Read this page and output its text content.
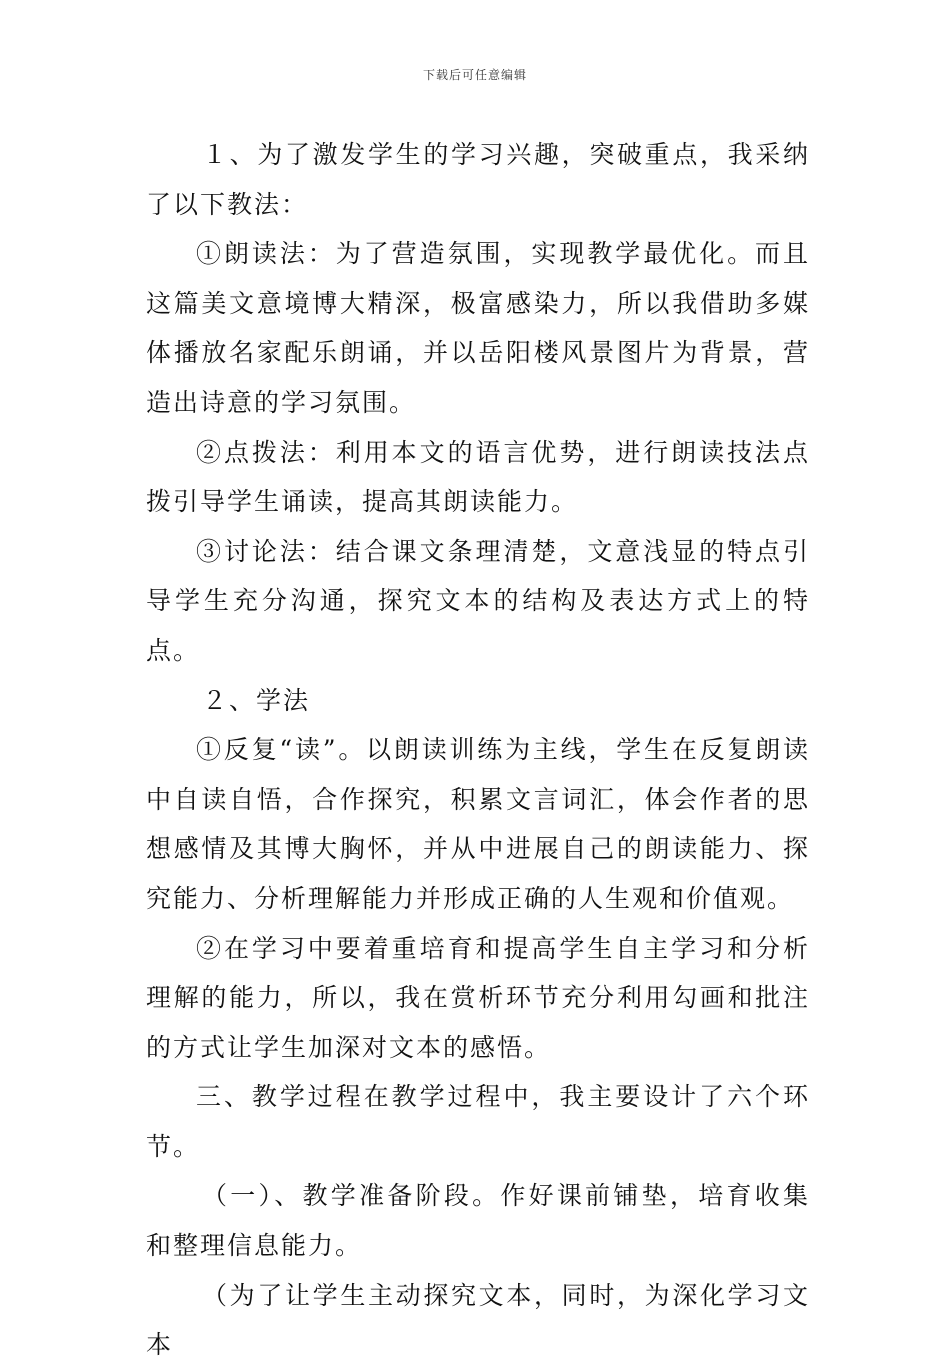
下载后可任意编辑

１、为了激发学生的学习兴趣，突破重点，我采纳了以下教法：

①朗读法：为了营造氛围，实现教学最优化。而且这篇美文意境博大精深，极富感染力，所以我借助多媒体播放名家配乐朗诵，并以岳阳楼风景图片为背景，营造出诗意的学习氛围。

②点拨法：利用本文的语言优势，进行朗读技法点拨引导学生诵读，提高其朗读能力。

③讨论法：结合课文条理清楚，文意浅显的特点引导学生充分沟通，探究文本的结构及表达方式上的特点。

２、学法

①反复“读”。以朗读训练为主线，学生在反复朗读中自读自悟，合作探究，积累文言词汇，体会作者的思想感情及其博大胸怀，并从中进展自己的朗读能力、探究能力、分析理解能力并形成正确的人生观和价值观。

②在学习中要着重培育和提高学生自主学习和分析理解的能力，所以，我在赏析环节充分利用勾画和批注的方式让学生加深对文本的感悟。

三、教学过程在教学过程中，我主要设计了六个环节。

（一）、教学准备阶段。作好课前铺垫，培育收集和整理信息能力。

（为了让学生主动探究文本，同时，为深化学习文本
